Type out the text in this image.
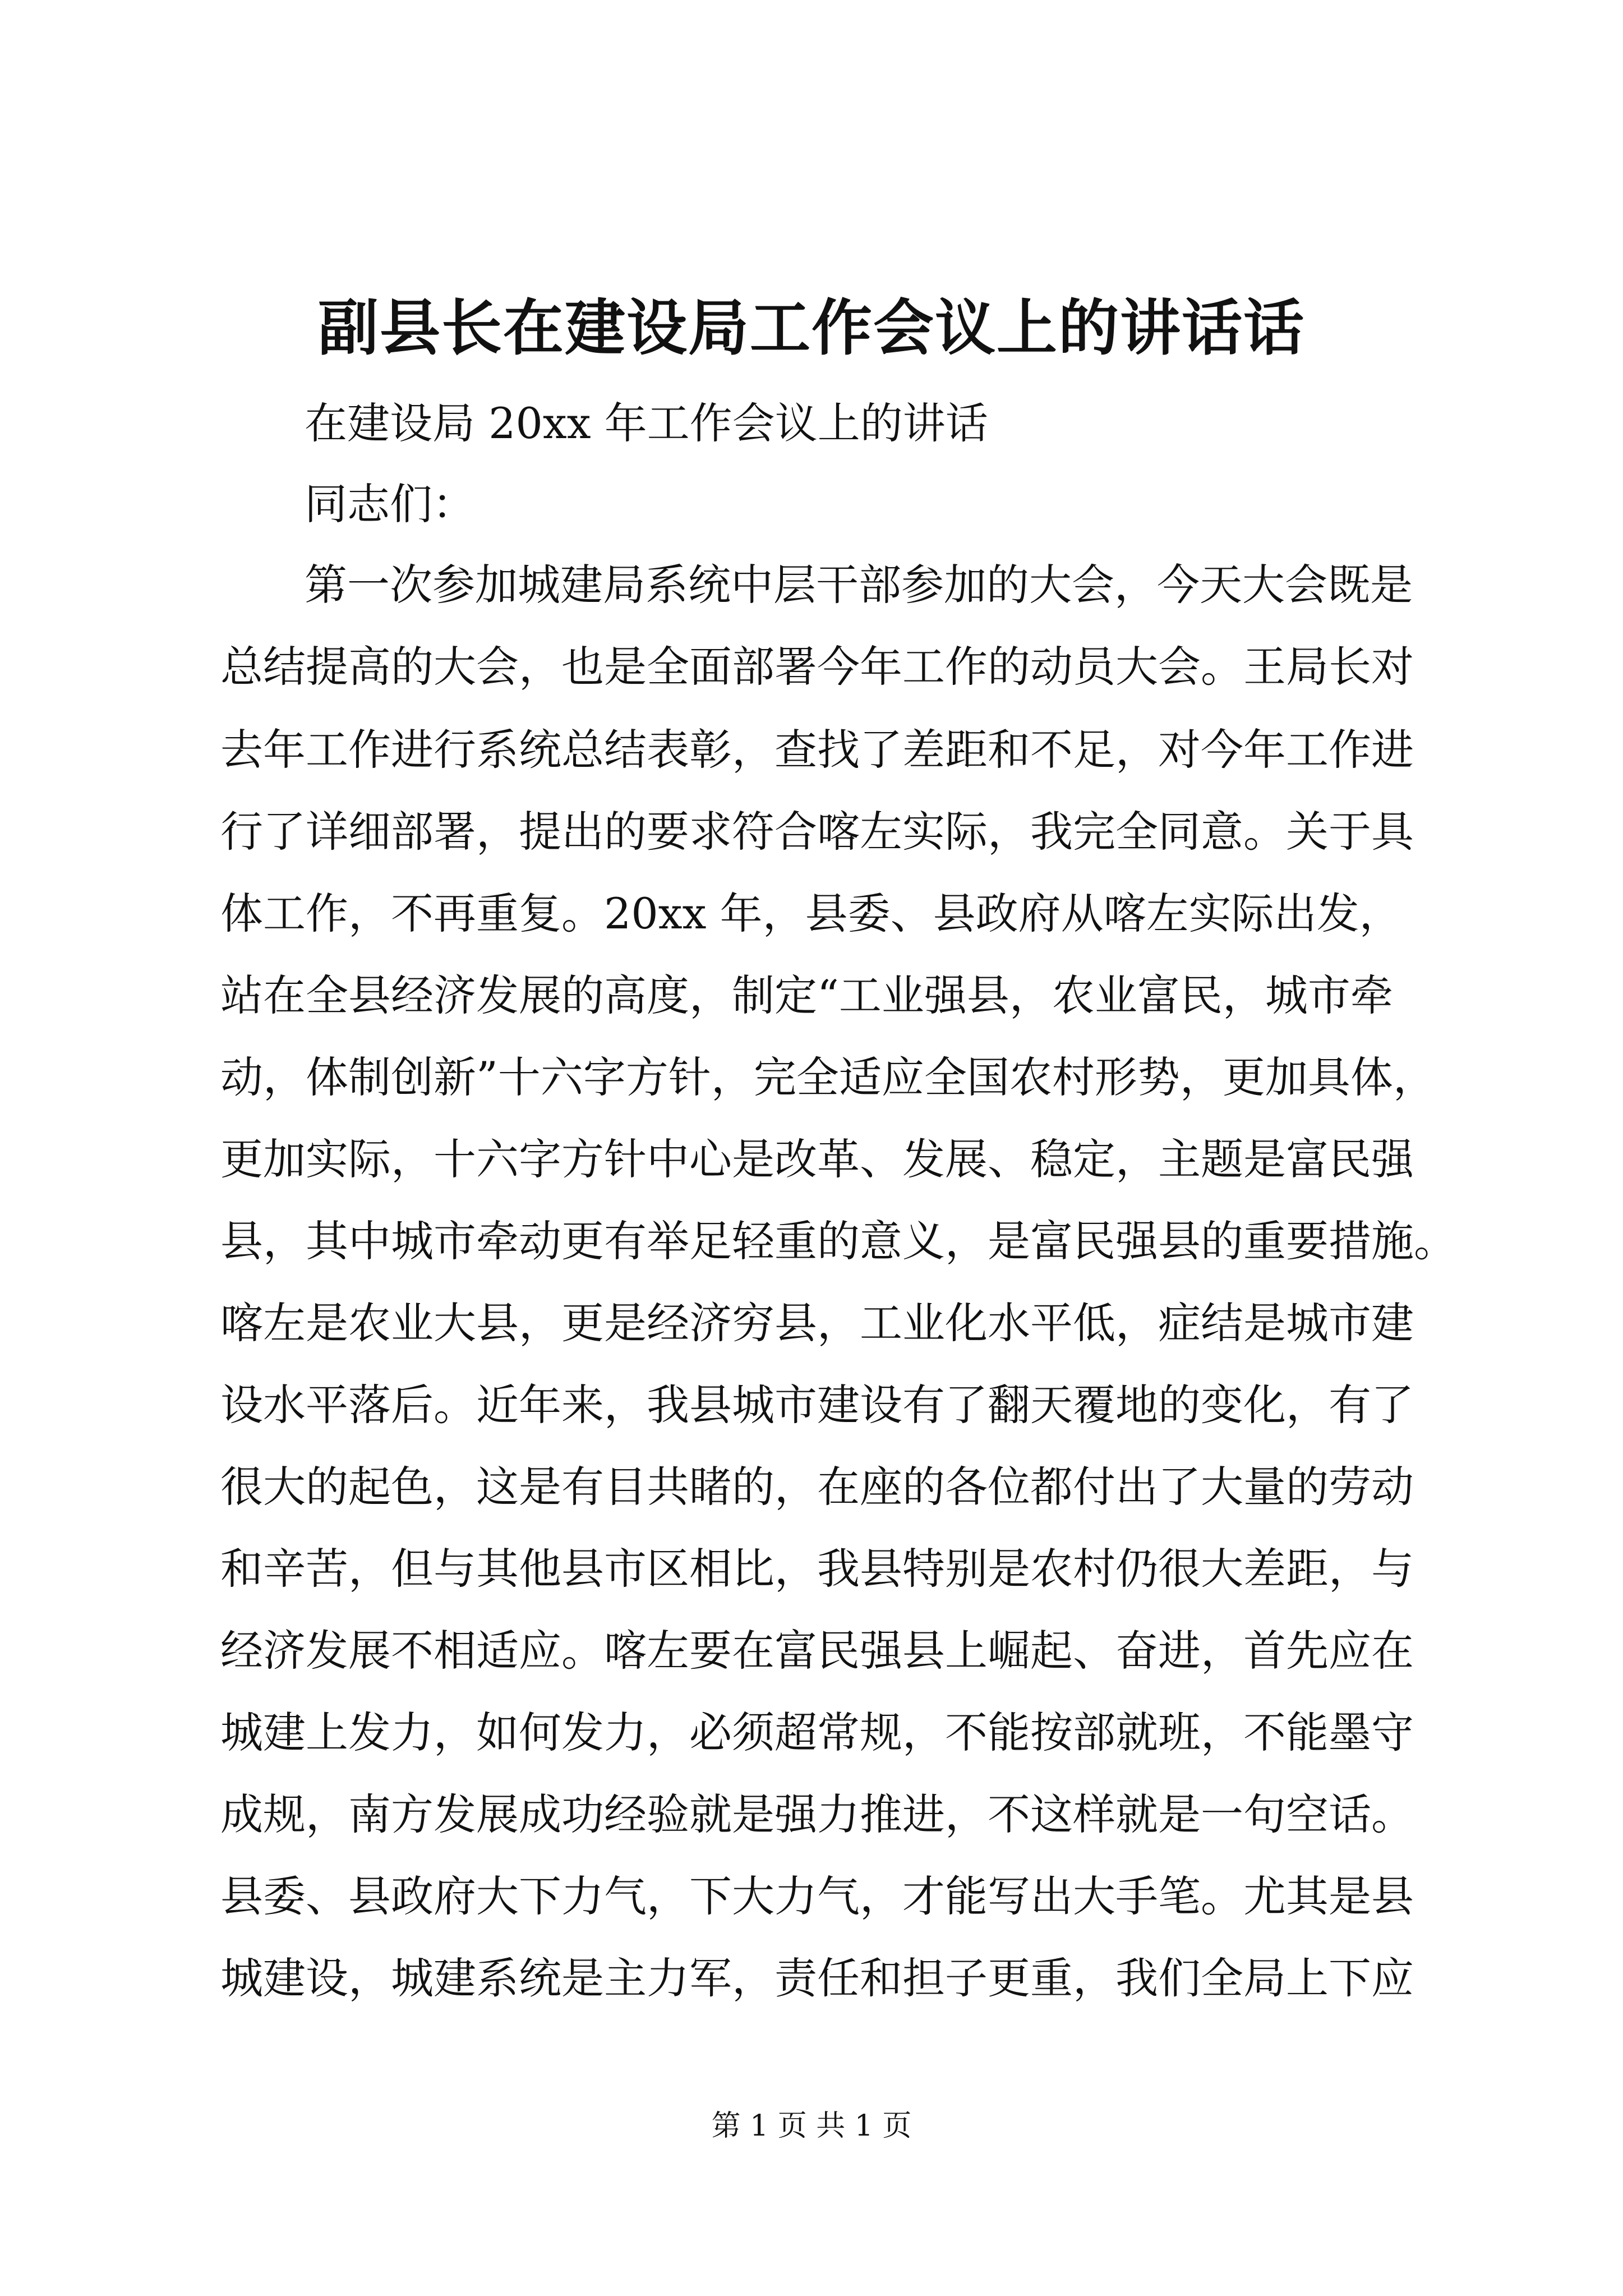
副县长在建设局工作会议上的讲话话
在建设局 20xx 年工作会议上的讲话
同志们：
第一次参加城建局系统中层干部参加的大会，今天大会既是
总结提高的大会，也是全面部署今年工作的动员大会。王局长对
去年工作进行系统总结表彰，查找了差距和不足，对今年工作进
行了详细部署，提出的要求符合喀左实际，我完全同意。关于具
体工作，不再重复。20xx 年，县委、县政府从喀左实际出发，
站在全县经济发展的高度，制定“工业强县，农业富民，城市牵
动，体制创新”十六字方针，完全适应全国农村形势，更加具体，
更加实际，十六字方针中心是改革、发展、稳定，主题是富民强
县，其中城市牵动更有举足轻重的意义，是富民强县的重要措施。
喀左是农业大县，更是经济穷县，工业化水平低，症结是城市建
设水平落后。近年来，我县城市建设有了翻天覆地的变化，有了
很大的起色，这是有目共睹的，在座的各位都付出了大量的劳动
和辛苦，但与其他县市区相比，我县特别是农村仍很大差距，与
经济发展不相适应。喀左要在富民强县上崛起、奋进，首先应在
城建上发力，如何发力，必须超常规，不能按部就班，不能墨守
成规，南方发展成功经验就是强力推进，不这样就是一句空话。
县委、县政府大下力气，下大力气，才能写出大手笔。尤其是县
城建设，城建系统是主力军，责任和担子更重，我们全局上下应
第 1 页 共 1 页
